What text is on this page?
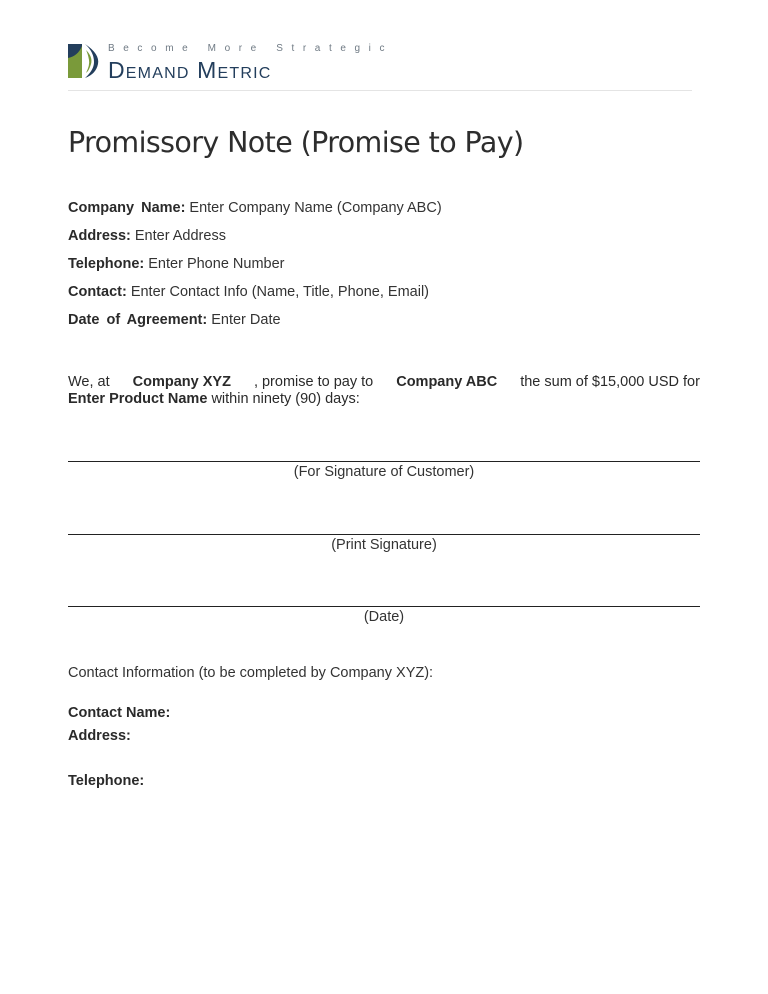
Become More Strategic
Demand Metric
Promissory Note (Promise to Pay)
Company Name: Enter Company Name (Company ABC)
Address: Enter Address
Telephone: Enter Phone Number
Contact: Enter Contact Info (Name, Title, Phone, Email)
Date of Agreement: Enter Date
We, at Company XYZ , promise to pay to Company ABC the sum of $15,000 USD for
Enter Product Name within ninety (90) days:
(For Signature of Customer)
(Print Signature)
(Date)
Contact Information (to be completed by Company XYZ):
Contact Name:
Address:
Telephone:
